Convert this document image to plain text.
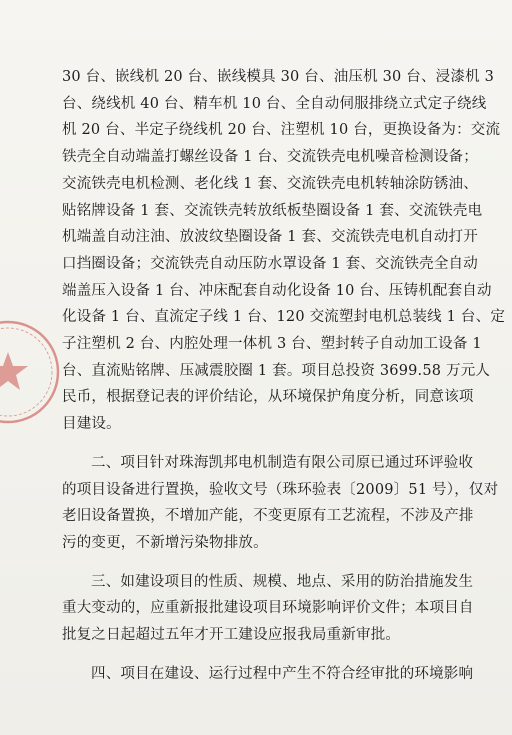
30 台、嵌线机 20 台、嵌线模具 30 台、油压机 30 台、浸漆机 3
台、绕线机 40 台、精车机 10 台、全自动伺服排绕立式定子绕线
机 20 台、半定子绕线机 20 台、注塑机 10 台，更换设备为：交流
铁壳全自动端盖打螺丝设备 1 台、交流铁壳电机噪音检测设备；
交流铁壳电机检测、老化线 1 套、交流铁壳电机转轴涂防锈油、
贴铭牌设备 1 套、交流铁壳转放纸板垫圈设备 1 套、交流铁壳电
机端盖自动注油、放波纹垫圈设备 1 套、交流铁壳电机自动打开
口挡圈设备；交流铁壳自动压防水罩设备 1 套、交流铁壳全自动
端盖压入设备 1 台、冲床配套自动化设备 10 台、压铸机配套自动
化设备 1 台、直流定子线 1 台、120 交流塑封电机总装线 1 台、定
子注塑机 2 台、内腔处理一体机 3 台、塑封转子自动加工设备 1
台、直流贴铭牌、压减震胶圈 1 套。项目总投资 3699.58 万元人
民币，根据登记表的评价结论，从环境保护角度分析，同意该项
目建设。
二、项目针对珠海凯邦电机制造有限公司原已通过环评验收
的项目设备进行置换，验收文号（珠环验表〔2009〕51 号），仅对
老旧设备置换，不增加产能，不变更原有工艺流程，不涉及产排
污的变更，不新增污染物排放。
三、如建设项目的性质、规模、地点、采用的防治措施发生
重大变动的，应重新报批建设项目环境影响评价文件；本项目自
批复之日起超过五年才开工建设应报我局重新审批。
四、项目在建设、运行过程中产生不符合经审批的环境影响
